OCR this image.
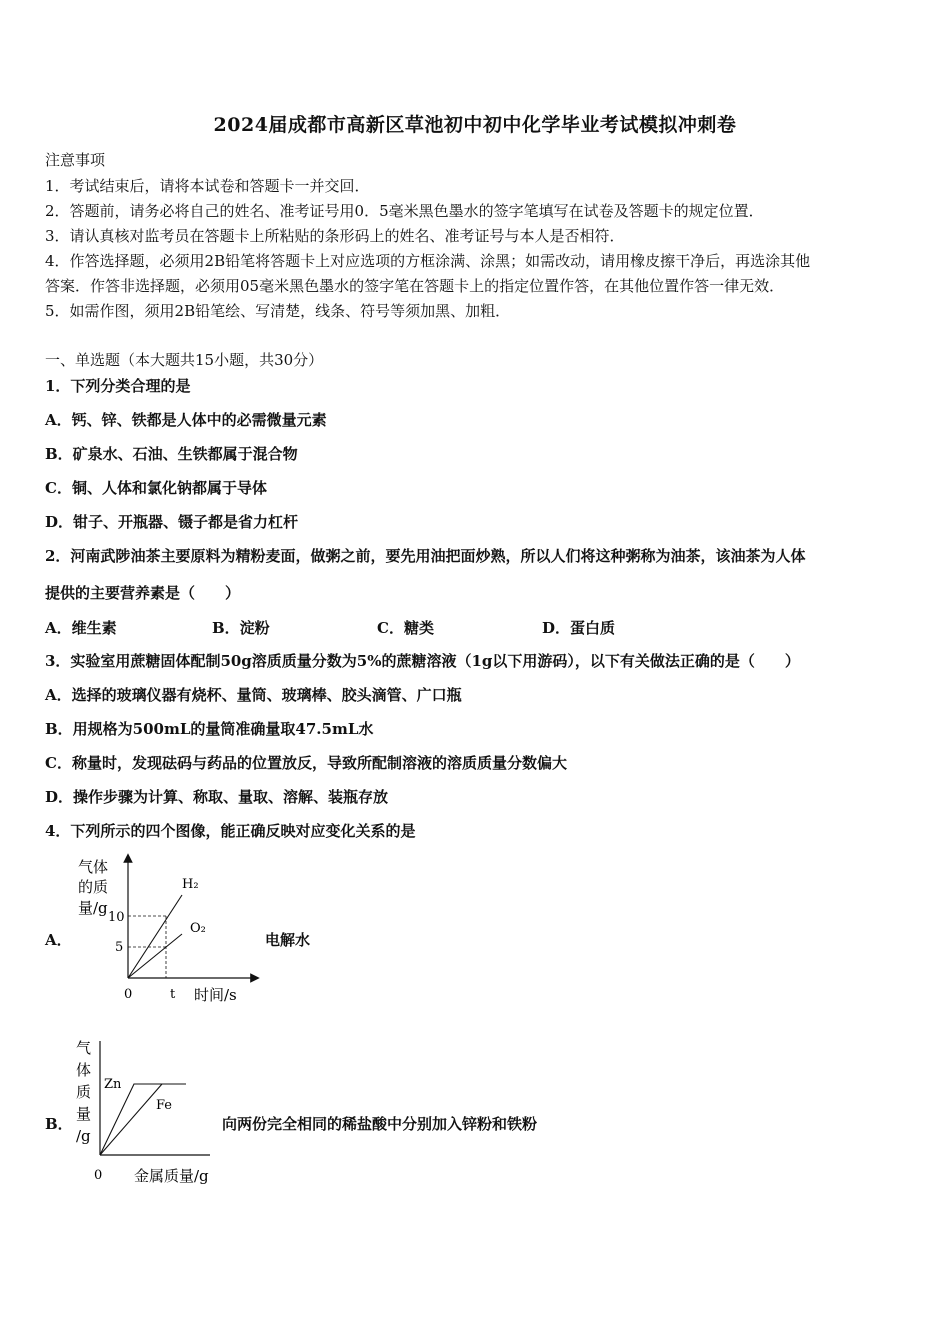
2024届成都市高新区草池初中初中化学毕业考试模拟冲刺卷
注意事项
1．考试结束后，请将本试卷和答题卡一并交回．
2．答题前，请务必将自己的姓名、准考证号用0．5毫米黑色墨水的签字笔填写在试卷及答题卡的规定位置．
3．请认真核对监考员在答题卡上所粘贴的条形码上的姓名、准考证号与本人是否相符．
4．作答选择题，必须用2B铅笔将答题卡上对应选项的方框涂满、涂黑；如需改动，请用橡皮擦干净后，再选涂其他
答案．作答非选择题，必须用05毫米黑色墨水的签字笔在答题卡上的指定位置作答，在其他位置作答一律无效．
5．如需作图，须用2B铅笔绘、写清楚，线条、符号等须加黑、加粗．
一、单选题（本大题共15小题，共30分）
1．下列分类合理的是
A．钙、锌、铁都是人体中的必需微量元素
B．矿泉水、石油、生铁都属于混合物
C．铜、人体和氯化钠都属于导体
D．钳子、开瓶器、镊子都是省力杠杆
2．河南武陟油茶主要原料为精粉麦面，做粥之前，要先用油把面炒熟，所以人们将这种粥称为油茶，该油茶为人体
提供的主要营养素是（　　）
A．维生素	B．淀粉	C．糖类	D．蛋白质
3．实验室用蔗糖固体配制50g溶质质量分数为5%的蔗糖溶液（1g以下用游码），以下有关做法正确的是（　　）
A．选择的玻璃仪器有烧杯、量筒、玻璃棒、胶头滴管、广口瓶
B．用规格为500mL的量筒准确量取47.5mL水
C．称量时，发现砝码与药品的位置放反，导致所配制溶液的溶质质量分数偏大
D．操作步骤为计算、称取、量取、溶解、装瓶存放
4．下列所示的四个图像，能正确反映对应变化关系的是
A．
气体
的质
量/g
10
5
H₂
O₂
0	t 时间/s
电解水
B．
气
体
质
量
/g
Zn
Fe
0 金属质量/g
向两份完全相同的稀盐酸中分别加入锌粉和铁粉
